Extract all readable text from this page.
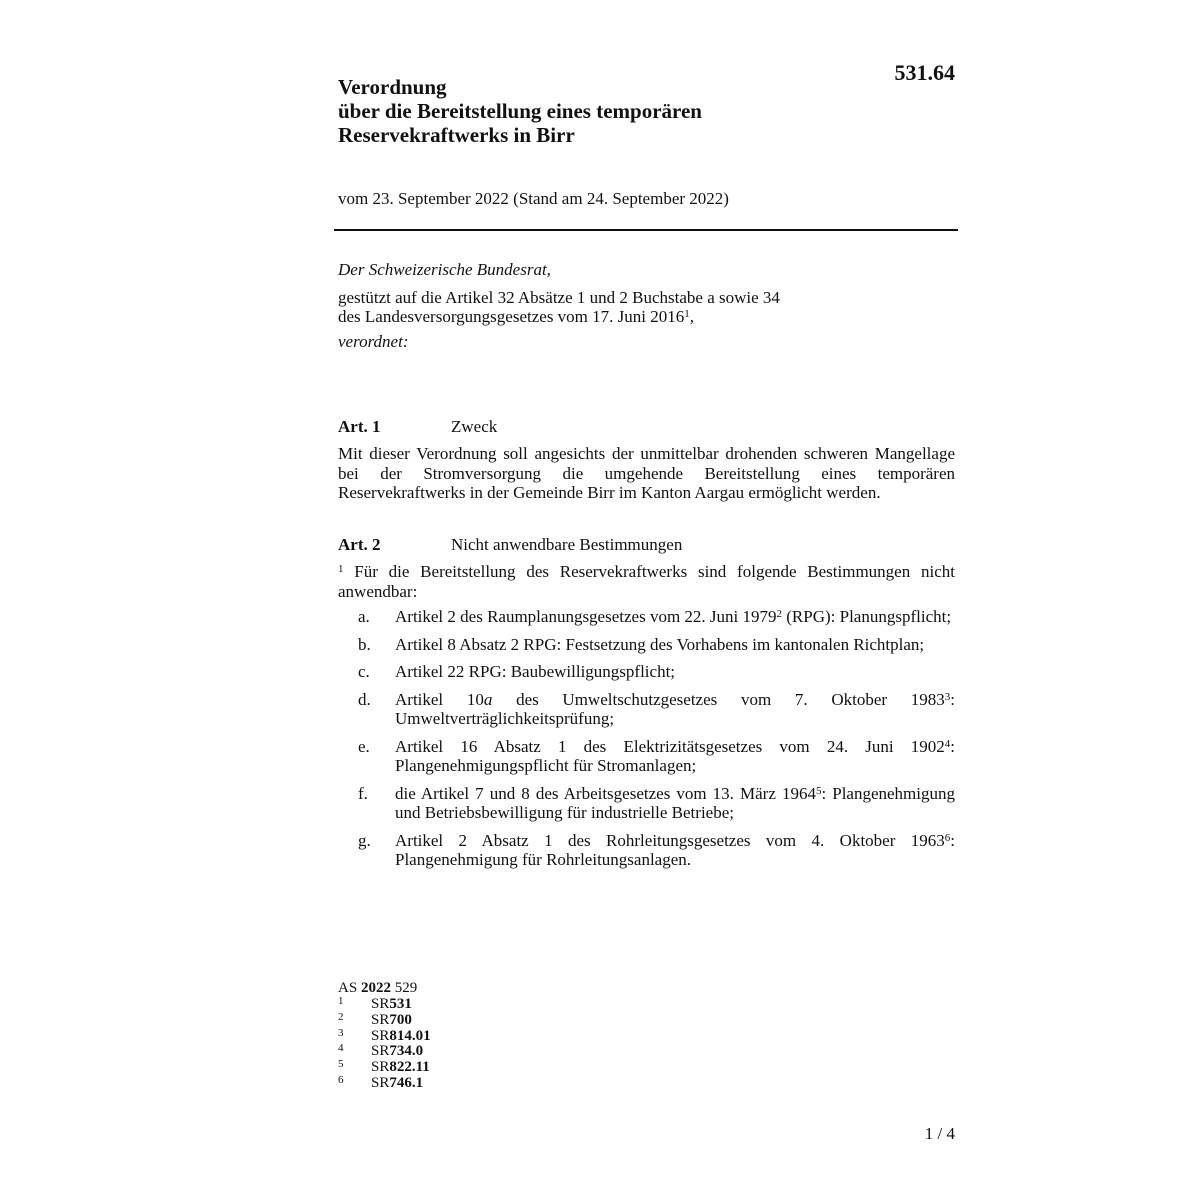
531.64
Verordnung
über die Bereitstellung eines temporären
Reservekraftwerks in Birr
vom 23. September 2022 (Stand am 24. September 2022)
Der Schweizerische Bundesrat,
gestützt auf die Artikel 32 Absätze 1 und 2 Buchstabe a sowie 34
des Landesversorgungsgesetzes vom 17. Juni 2016$^1$,
verordnet:
Art. 1	Zweck
Mit dieser Verordnung soll angesichts der unmittelbar drohenden schweren Mangellage bei der Stromversorgung die umgehende Bereitstellung eines temporären Reservekraftwerks in der Gemeinde Birr im Kanton Aargau ermöglicht werden.
Art. 2	Nicht anwendbare Bestimmungen
$^1$ Für die Bereitstellung des Reservekraftwerks sind folgende Bestimmungen nicht anwendbar:
a.	Artikel 2 des Raumplanungsgesetzes vom 22. Juni 1979$^2$ (RPG): Planungspflicht;
b.	Artikel 8 Absatz 2 RPG: Festsetzung des Vorhabens im kantonalen Richtplan;
c.	Artikel 22 RPG: Baubewilligungspflicht;
d.	Artikel 10a des Umweltschutzgesetzes vom 7. Oktober 1983$^3$: Umweltverträglichkeitsprüfung;
e.	Artikel 16 Absatz 1 des Elektrizitätsgesetzes vom 24. Juni 1902$^4$: Plangenehmigungspflicht für Stromanlagen;
f.	die Artikel 7 und 8 des Arbeitsgesetzes vom 13. März 1964$^5$: Plangenehmigung und Betriebsbewilligung für industrielle Betriebe;
g.	Artikel 2 Absatz 1 des Rohrleitungsgesetzes vom 4. Oktober 1963$^6$: Plangenehmigung für Rohrleitungsanlagen.
AS 2022 529
1	SR 531
2	SR 700
3	SR 814.01
4	SR 734.0
5	SR 822.11
6	SR 746.1
1 / 4
